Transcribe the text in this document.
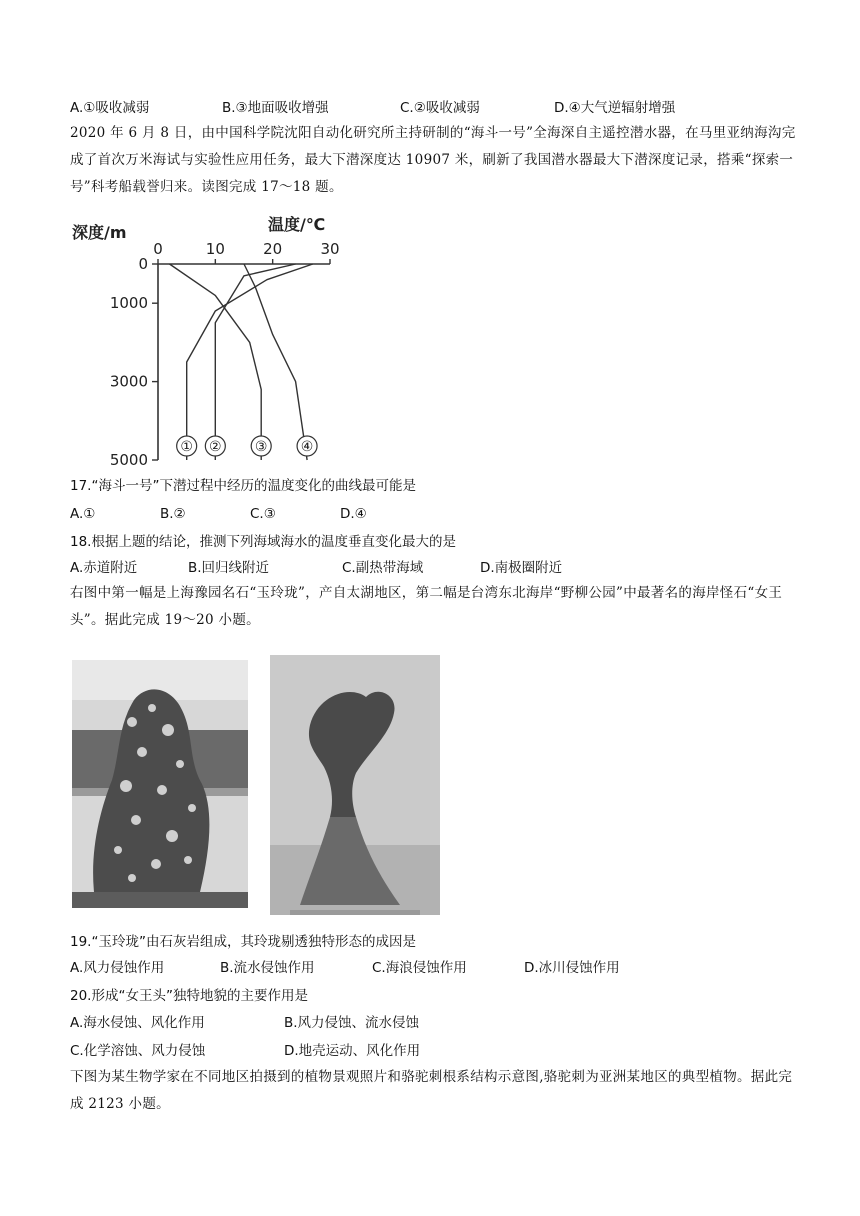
A.①吸收减弱	B.③地面吸收增强	C.②吸收减弱	D.④大气逆辐射增强
2020 年 6 月 8 日，由中国科学院沈阳自动化研究所主持研制的“海斗一号”全海深自主遥控潜水器，在马里亚纳海沟完成了首次万米海试与实验性应用任务，最大下潜深度达 10907 米，刷新了我国潜水器最大下潜深度记录，搭乘“探索一号”科考船载誉归来。读图完成 17～18 题。
深度/m	温度/℃
0	10	20	30
0
1000
3000
5000
① ② ③ ④
17.“海斗一号”下潜过程中经历的温度变化的曲线最可能是
A.①	B.②	C.③	D.④
18.根据上题的结论，推测下列海域海水的温度垂直变化最大的是
A.赤道附近	B.回归线附近	C.副热带海域	D.南极圈附近
右图中第一幅是上海豫园名石“玉玲珑”，产自太湖地区，第二幅是台湾东北海岸“野柳公园”中最著名的海岸怪石“女王头”。据此完成 19～20 小题。
19.“玉玲珑”由石灰岩组成，其玲珑剔透独特形态的成因是
A.风力侵蚀作用	B.流水侵蚀作用	C.海浪侵蚀作用	D.冰川侵蚀作用
20.形成“女王头”独特地貌的主要作用是
A.海水侵蚀、风化作用	B.风力侵蚀、流水侵蚀
C.化学溶蚀、风力侵蚀	D.地壳运动、风化作用
下图为某生物学家在不同地区拍摄到的植物景观照片和骆驼刺根系结构示意图,骆驼刺为亚洲某地区的典型植物。据此完成 2123 小题。
